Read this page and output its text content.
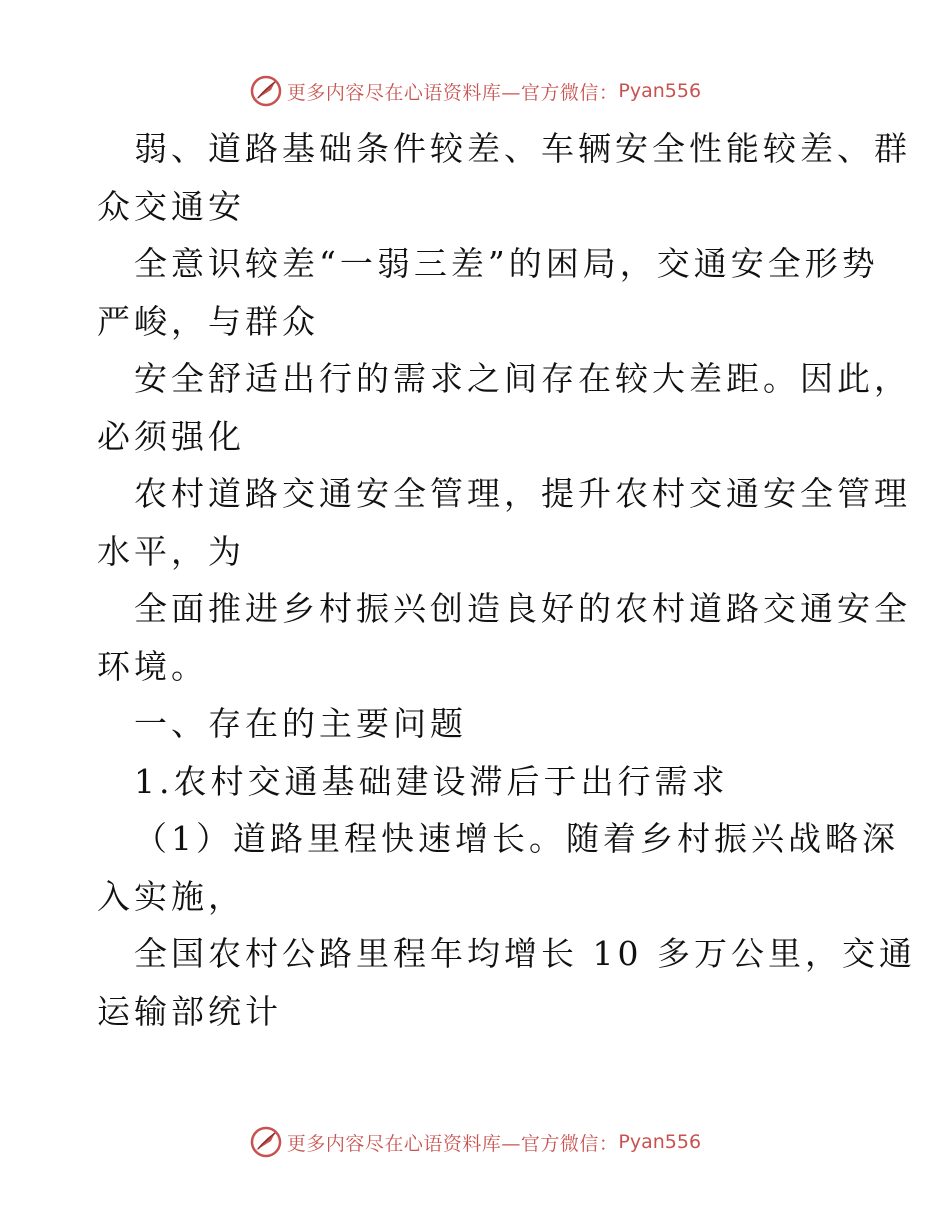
更多内容尽在心语资料库—官方微信： Pyan556
弱、道路基础条件较差、车辆安全性能较差、群
众交通安
全意识较差“一弱三差”的困局，交通安全形势
严峻，与群众
安全舒适出行的需求之间存在较大差距。因此，
必须强化
农村道路交通安全管理，提升农村交通安全管理
水平，为
全面推进乡村振兴创造良好的农村道路交通安全
环境。
一、存在的主要问题
1.农村交通基础建设滞后于出行需求
（1）道路里程快速增长。随着乡村振兴战略深
入实施，
全国农村公路里程年均增长 10 多万公里，交通
运输部统计
更多内容尽在心语资料库—官方微信： Pyan556
